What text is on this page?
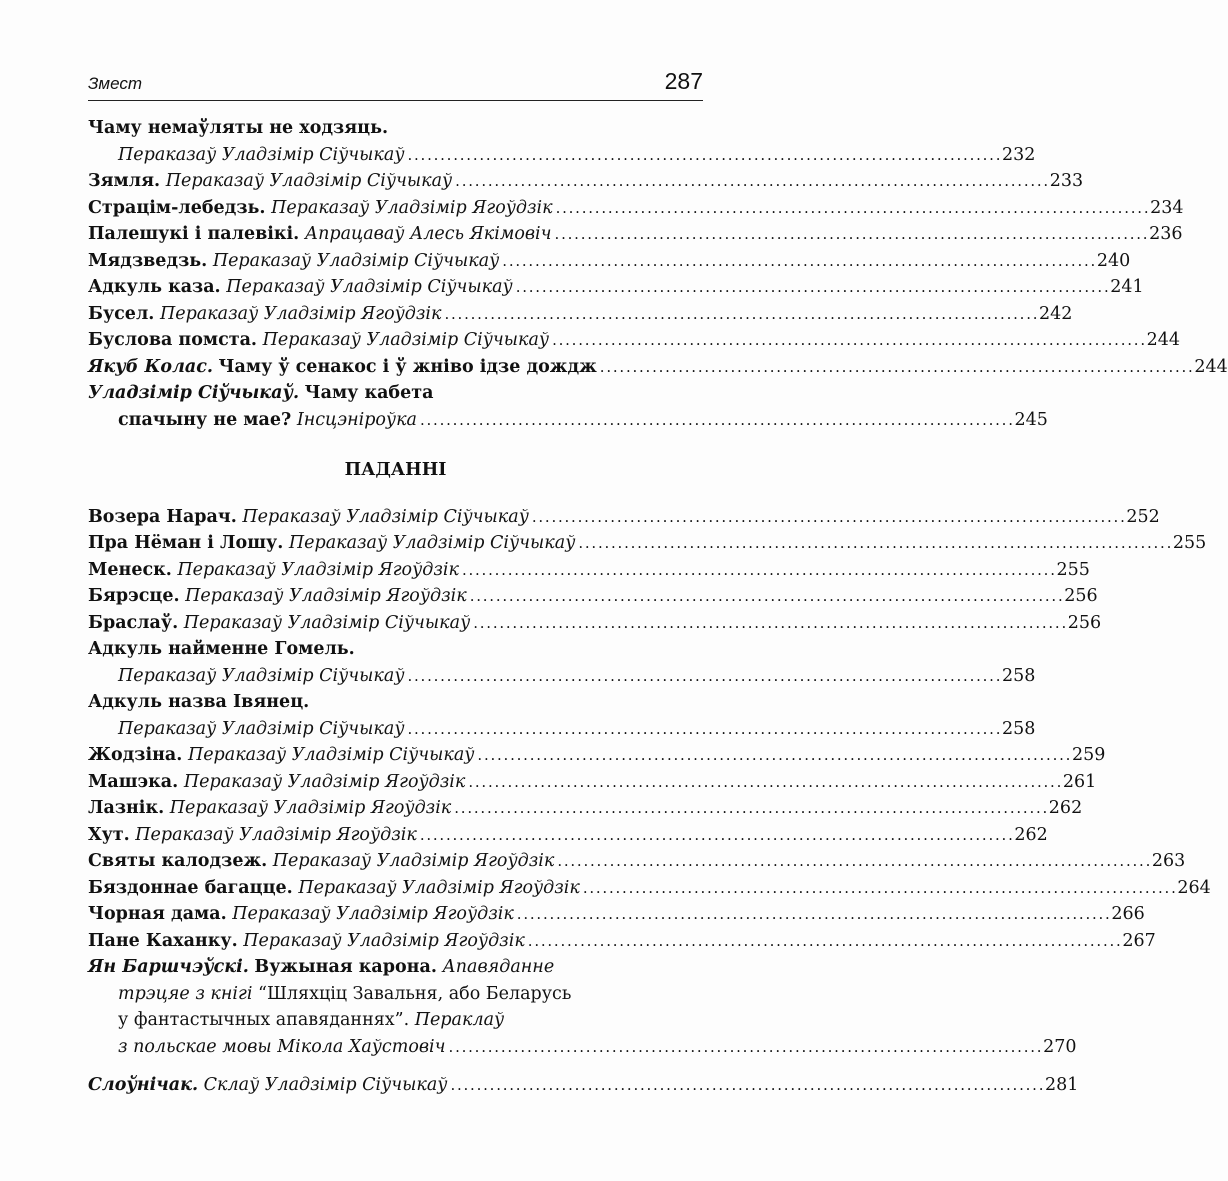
Змест	287
Чаму немаўляты не ходзяць.
Пераказаў Уладзімір Сіўчыкаў . . .	232
Зямля. Пераказаў Уладзімір Сіўчыкаў . . .	233
Страцім-лебедзь. Пераказаў Уладзімір Ягоўдзік . . .	234
Палешукі і палевікі. Апрацаваў Алесь Якімовіч . . .	236
Мядзведзь. Пераказаў Уладзімір Сіўчыкаў . . .	240
Адкуль каза. Пераказаў Уладзімір Сіўчыкаў . . .	241
Бусел. Пераказаў Уладзімір Ягоўдзік . . .	242
Буслова помста. Пераказаў Уладзімір Сіўчыкаў . . .	244
Якуб Колас. Чаму ў сенакос і ў жніво ідзе дождж . . .	244
Уладзімір Сіўчыкаў. Чаму кабета
спачыну не мае? Інсцэніроўка . . .	245
ПАДАННІ
Возера Нарач. Пераказаў Уладзімір Сіўчыкаў . . .	252
Пра Нёман і Лошу. Пераказаў Уладзімір Сіўчыкаў . . .	255
Менеск. Пераказаў Уладзімір Ягоўдзік . . .	255
Бярэсце. Пераказаў Уладзімір Ягоўдзік . . .	256
Браслаў. Пераказаў Уладзімір Сіўчыкаў . . .	256
Адкуль найменне Гомель.
Пераказаў Уладзімір Сіўчыкаў . . .	258
Адкуль назва Івянец.
Пераказаў Уладзімір Сіўчыкаў . . .	258
Жодзіна. Пераказаў Уладзімір Сіўчыкаў . . .	259
Машэка. Пераказаў Уладзімір Ягоўдзік . . .	261
Лазнік. Пераказаў Уладзімір Ягоўдзік . . .	262
Хут. Пераказаў Уладзімір Ягоўдзік . . .	262
Святы калодзеж. Пераказаў Уладзімір Ягоўдзік . . .	263
Бяздоннае багацце. Пераказаў Уладзімір Ягоўдзік . . .	264
Чорная дама. Пераказаў Уладзімір Ягоўдзік . . .	266
Пане Каханку. Пераказаў Уладзімір Ягоўдзік . . .	267
Ян Баршчэўскі. Вужыная карона. Апавяданне
трэцяе з кнігі “Шляхціц Завальня, або Беларусь
у фантастычных апавяданнях”. Пераклаў
з польскае мовы Мікола Хаўстовіч . . .	270
Слоўнічак. Склаў Уладзімір Сіўчыкаў . . .	281
